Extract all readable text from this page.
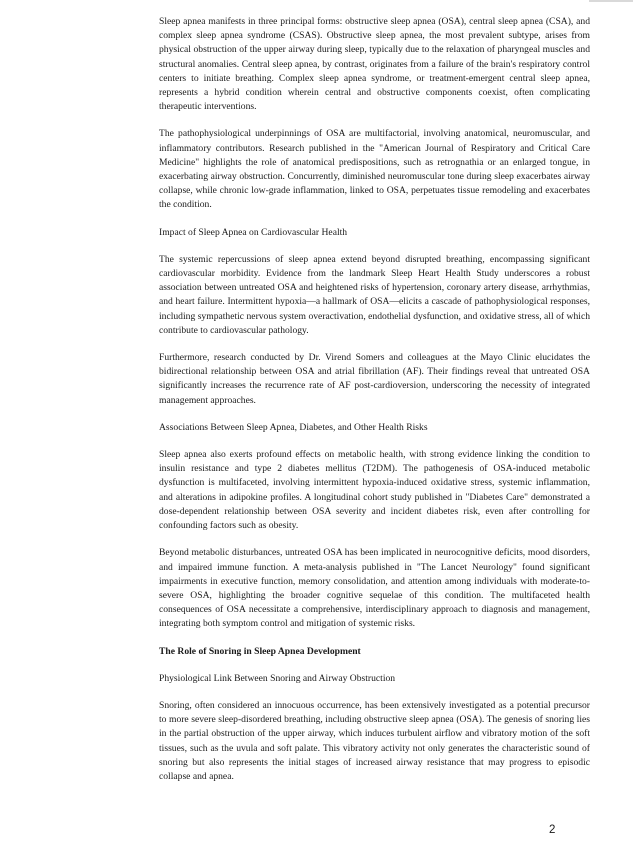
Sleep apnea manifests in three principal forms: obstructive sleep apnea (OSA), central sleep apnea (CSA), and complex sleep apnea syndrome (CSAS). Obstructive sleep apnea, the most prevalent subtype, arises from physical obstruction of the upper airway during sleep, typically due to the relaxation of pharyngeal muscles and structural anomalies. Central sleep apnea, by contrast, originates from a failure of the brain's respiratory control centers to initiate breathing. Complex sleep apnea syndrome, or treatment-emergent central sleep apnea, represents a hybrid condition wherein central and obstructive components coexist, often complicating therapeutic interventions.

The pathophysiological underpinnings of OSA are multifactorial, involving anatomical, neuromuscular, and inflammatory contributors. Research published in the "American Journal of Respiratory and Critical Care Medicine" highlights the role of anatomical predispositions, such as retrognathia or an enlarged tongue, in exacerbating airway obstruction. Concurrently, diminished neuromuscular tone during sleep exacerbates airway collapse, while chronic low-grade inflammation, linked to OSA, perpetuates tissue remodeling and exacerbates the condition.

Impact of Sleep Apnea on Cardiovascular Health

The systemic repercussions of sleep apnea extend beyond disrupted breathing, encompassing significant cardiovascular morbidity. Evidence from the landmark Sleep Heart Health Study underscores a robust association between untreated OSA and heightened risks of hypertension, coronary artery disease, arrhythmias, and heart failure. Intermittent hypoxia—a hallmark of OSA—elicits a cascade of pathophysiological responses, including sympathetic nervous system overactivation, endothelial dysfunction, and oxidative stress, all of which contribute to cardiovascular pathology.

Furthermore, research conducted by Dr. Virend Somers and colleagues at the Mayo Clinic elucidates the bidirectional relationship between OSA and atrial fibrillation (AF). Their findings reveal that untreated OSA significantly increases the recurrence rate of AF post-cardioversion, underscoring the necessity of integrated management approaches.

Associations Between Sleep Apnea, Diabetes, and Other Health Risks

Sleep apnea also exerts profound effects on metabolic health, with strong evidence linking the condition to insulin resistance and type 2 diabetes mellitus (T2DM). The pathogenesis of OSA-induced metabolic dysfunction is multifaceted, involving intermittent hypoxia-induced oxidative stress, systemic inflammation, and alterations in adipokine profiles. A longitudinal cohort study published in "Diabetes Care" demonstrated a dose-dependent relationship between OSA severity and incident diabetes risk, even after controlling for confounding factors such as obesity.

Beyond metabolic disturbances, untreated OSA has been implicated in neurocognitive deficits, mood disorders, and impaired immune function. A meta-analysis published in "The Lancet Neurology" found significant impairments in executive function, memory consolidation, and attention among individuals with moderate-to-severe OSA, highlighting the broader cognitive sequelae of this condition. The multifaceted health consequences of OSA necessitate a comprehensive, interdisciplinary approach to diagnosis and management, integrating both symptom control and mitigation of systemic risks.

The Role of Snoring in Sleep Apnea Development

Physiological Link Between Snoring and Airway Obstruction

Snoring, often considered an innocuous occurrence, has been extensively investigated as a potential precursor to more severe sleep-disordered breathing, including obstructive sleep apnea (OSA). The genesis of snoring lies in the partial obstruction of the upper airway, which induces turbulent airflow and vibratory motion of the soft tissues, such as the uvula and soft palate. This vibratory activity not only generates the characteristic sound of snoring but also represents the initial stages of increased airway resistance that may progress to episodic collapse and apnea.

2
